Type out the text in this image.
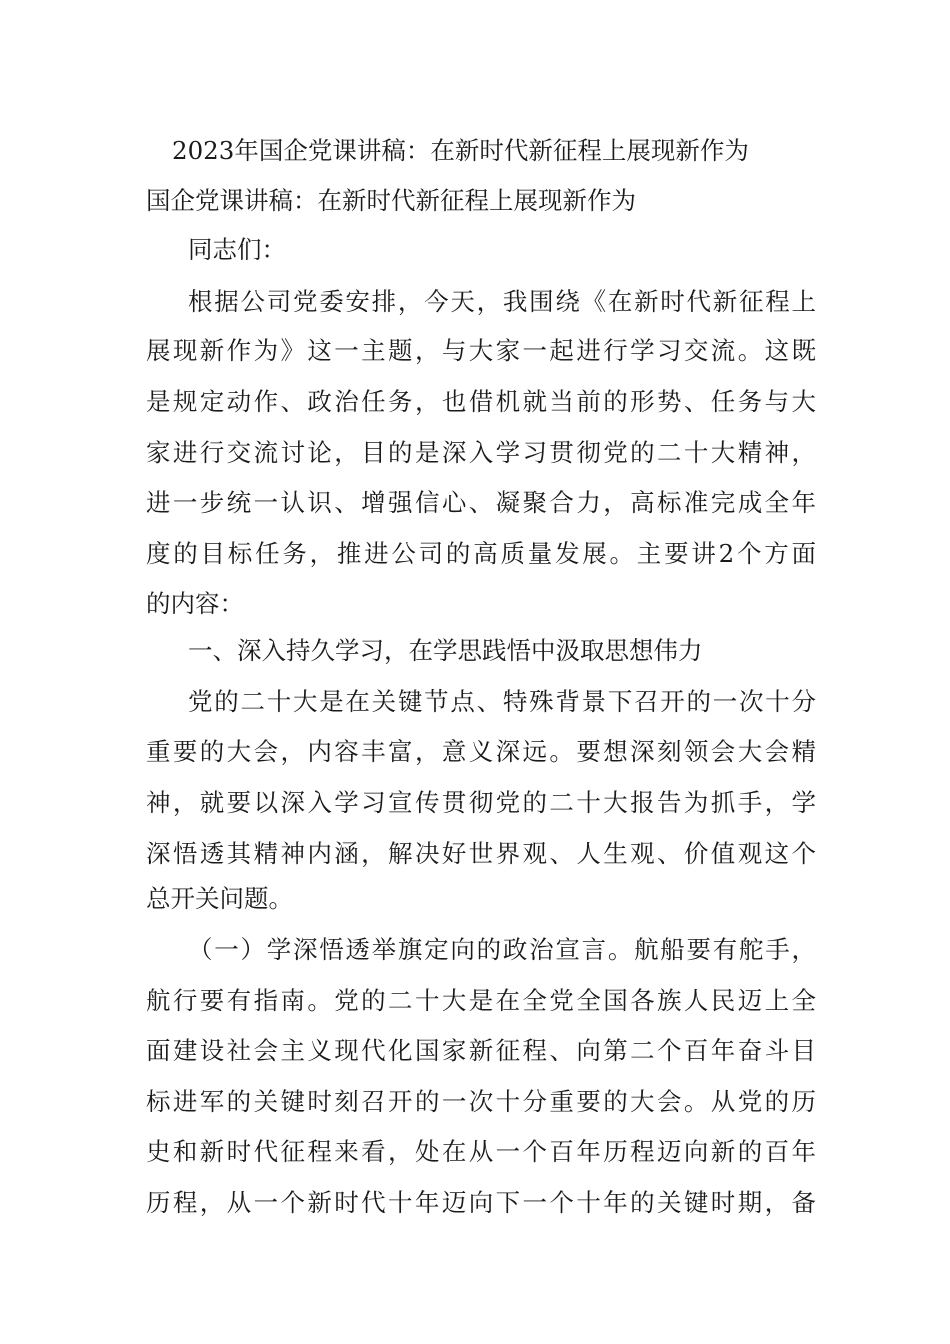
2023年国企党课讲稿：在新时代新征程上展现新作为
国企党课讲稿：在新时代新征程上展现新作为
同志们：
根据公司党委安排，今天，我围绕《在新时代新征程上
展现新作为》这一主题，与大家一起进行学习交流。这既
是规定动作、政治任务，也借机就当前的形势、任务与大
家进行交流讨论，目的是深入学习贯彻党的二十大精神，
进一步统一认识、增强信心、凝聚合力，高标准完成全年
度的目标任务，推进公司的高质量发展。主要讲2个方面
的内容：
一、深入持久学习，在学思践悟中汲取思想伟力
党的二十大是在关键节点、特殊背景下召开的一次十分
重要的大会，内容丰富，意义深远。要想深刻领会大会精
神，就要以深入学习宣传贯彻党的二十大报告为抓手，学
深悟透其精神内涵，解决好世界观、人生观、价值观这个
总开关问题。
（一）学深悟透举旗定向的政治宣言。航船要有舵手，
航行要有指南。党的二十大是在全党全国各族人民迈上全
面建设社会主义现代化国家新征程、向第二个百年奋斗目
标进军的关键时刻召开的一次十分重要的大会。从党的历
史和新时代征程来看，处在从一个百年历程迈向新的百年
历程，从一个新时代十年迈向下一个十年的关键时期，备
